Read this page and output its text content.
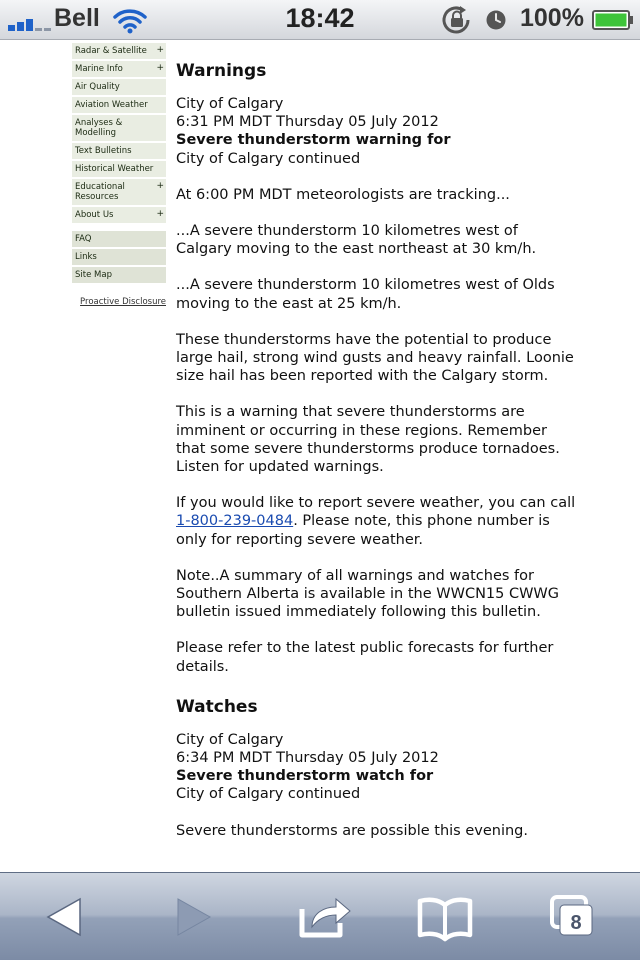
Bell	18:42	100%
Radar & Satellite +
Marine Info	+
Air Quality
Aviation Weather
Analyses & Modelling
Text Bulletins
Historical Weather
Educational Resources
+
About Us	+
FAQ
Links
Site Map
Proactive Disclosure
Warnings

City of Calgary
6:31 PM MDT Thursday 05 July 2012
Severe thunderstorm warning for
City of Calgary continued

At 6:00 PM MDT meteorologists are tracking...

...A severe thunderstorm 10 kilometres west of Calgary moving to the east northeast at 30 km/h.

...A severe thunderstorm 10 kilometres west of Olds moving to the east at 25 km/h.

These thunderstorms have the potential to produce large hail, strong wind gusts and heavy rainfall. Loonie size hail has been reported with the Calgary storm.

This is a warning that severe thunderstorms are imminent or occurring in these regions. Remember that some severe thunderstorms produce tornadoes. Listen for updated warnings.

If you would like to report severe weather, you can call 1-800-239-0484. Please note, this phone number is only for reporting severe weather.

Note..A summary of all warnings and watches for Southern Alberta is available in the WWCN15 CWWG bulletin issued immediately following this bulletin.

Please refer to the latest public forecasts for further details.

Watches

City of Calgary
6:34 PM MDT Thursday 05 July 2012
Severe thunderstorm watch for
City of Calgary continued

Severe thunderstorms are possible this evening.

8
